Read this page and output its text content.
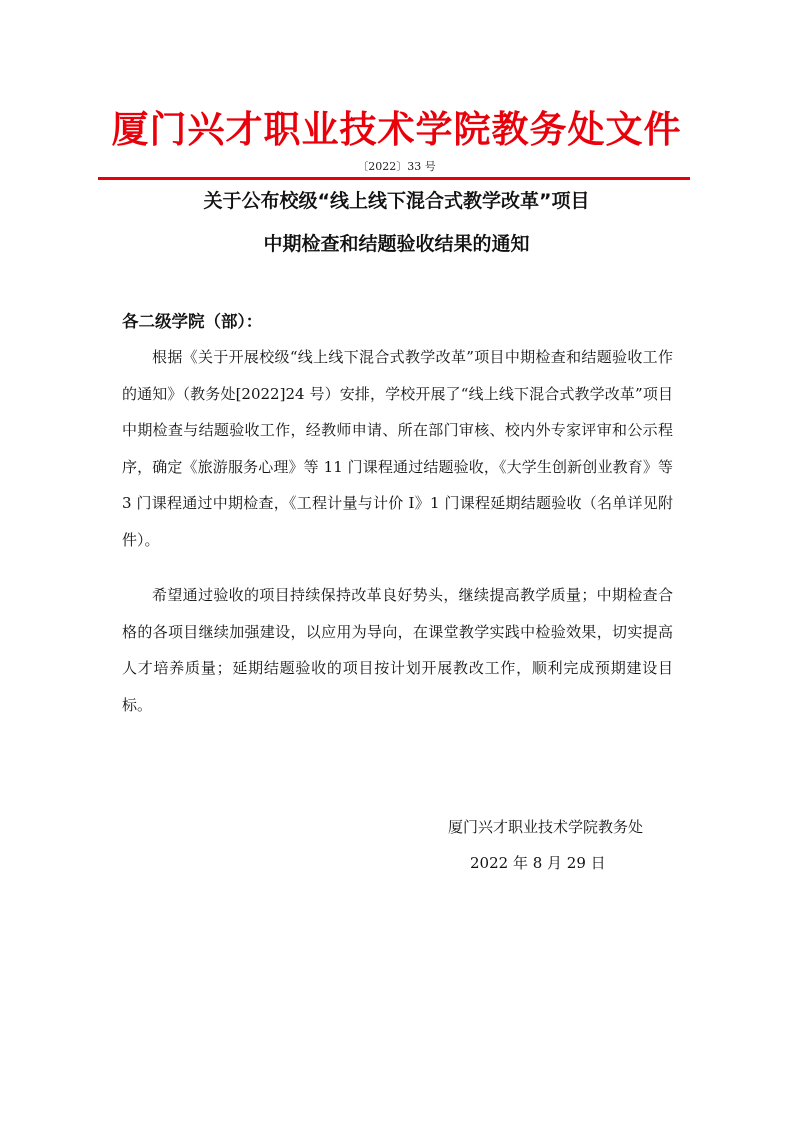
厦门兴才职业技术学院教务处文件
〔2022〕33 号
关于公布校级“线上线下混合式教学改革”项目
中期检查和结题验收结果的通知
各二级学院（部）：

根据《关于开展校级“线上线下混合式教学改革”项目中期检查和结题验收工作的通知》（教务处[2022]24 号）安排，学校开展了“线上线下混合式教学改革”项目中期检查与结题验收工作，经教师申请、所在部门审核、校内外专家评审和公示程序，确定《旅游服务心理》等 11 门课程通过结题验收，《大学生创新创业教育》等 3 门课程通过中期检查，《工程计量与计价 I》1 门课程延期结题验收（名单详见附件）。

希望通过验收的项目持续保持改革良好势头，继续提高教学质量；中期检查合格的各项目继续加强建设，以应用为导向，在课堂教学实践中检验效果，切实提高人才培养质量；延期结题验收的项目按计划开展教改工作，顺利完成预期建设目标。

厦门兴才职业技术学院教务处
2022 年 8 月 29 日
